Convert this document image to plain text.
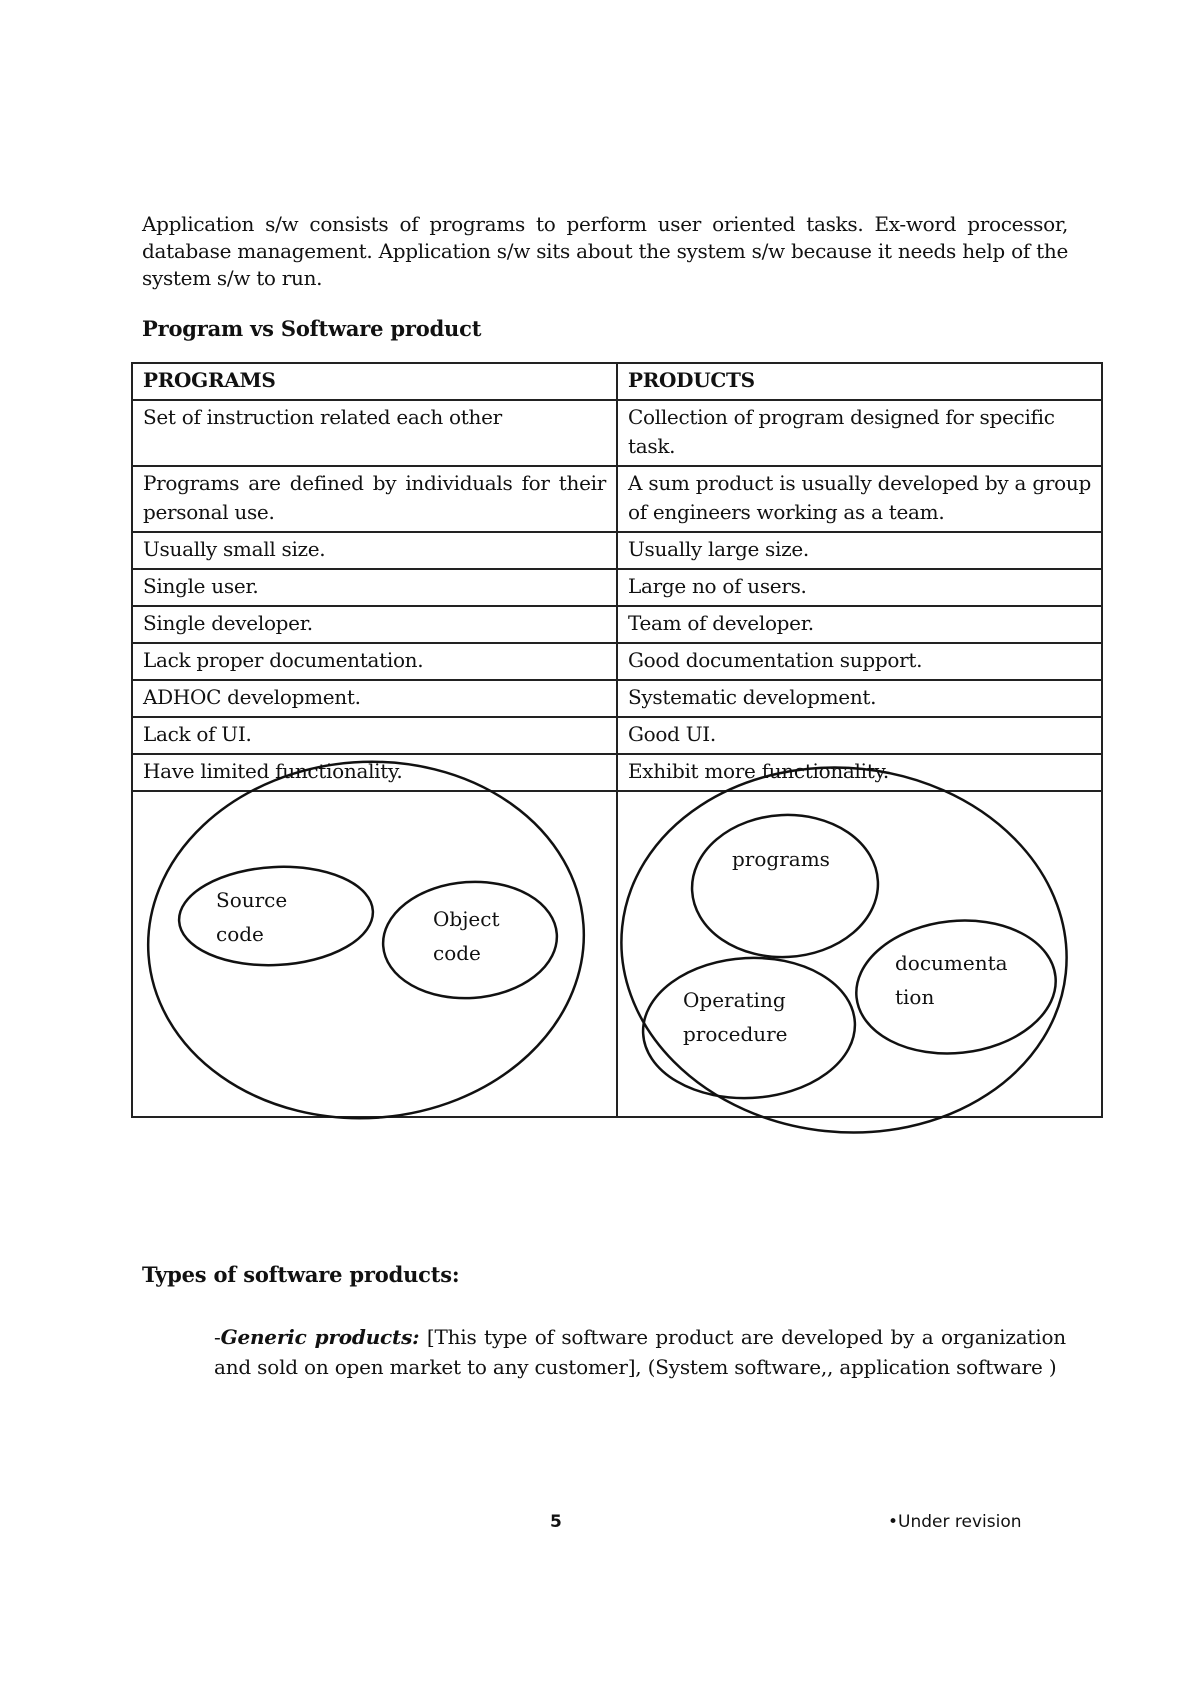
Application s/w consists of programs to perform user oriented tasks. Ex-word processor, database management. Application s/w sits about the system s/w because it needs help of the system s/w to run.

Program vs Software product
PROGRAMS	PRODUCTS
Set of instruction related each other	Collection of program designed for specific task.
Programs are defined by individuals for their personal use.	A sum product is usually developed by a group of engineers working as a team.
Usually small size.	Usually large size.
Single user.	Large no of users.
Single developer.	Team of developer.
Lack proper documentation.	Good documentation support.
ADHOC development.	Systematic development.
Lack of UI.	Good UI.
Have limited functionality.	Exhibit more functionality.

Source
code
Object
code
programs
documenta
tion
Operating
procedure
Types of software products:

-Generic products: [This type of software product are developed by a organization and sold on open market to any customer], (System software,, application software )

5	•Under revision
